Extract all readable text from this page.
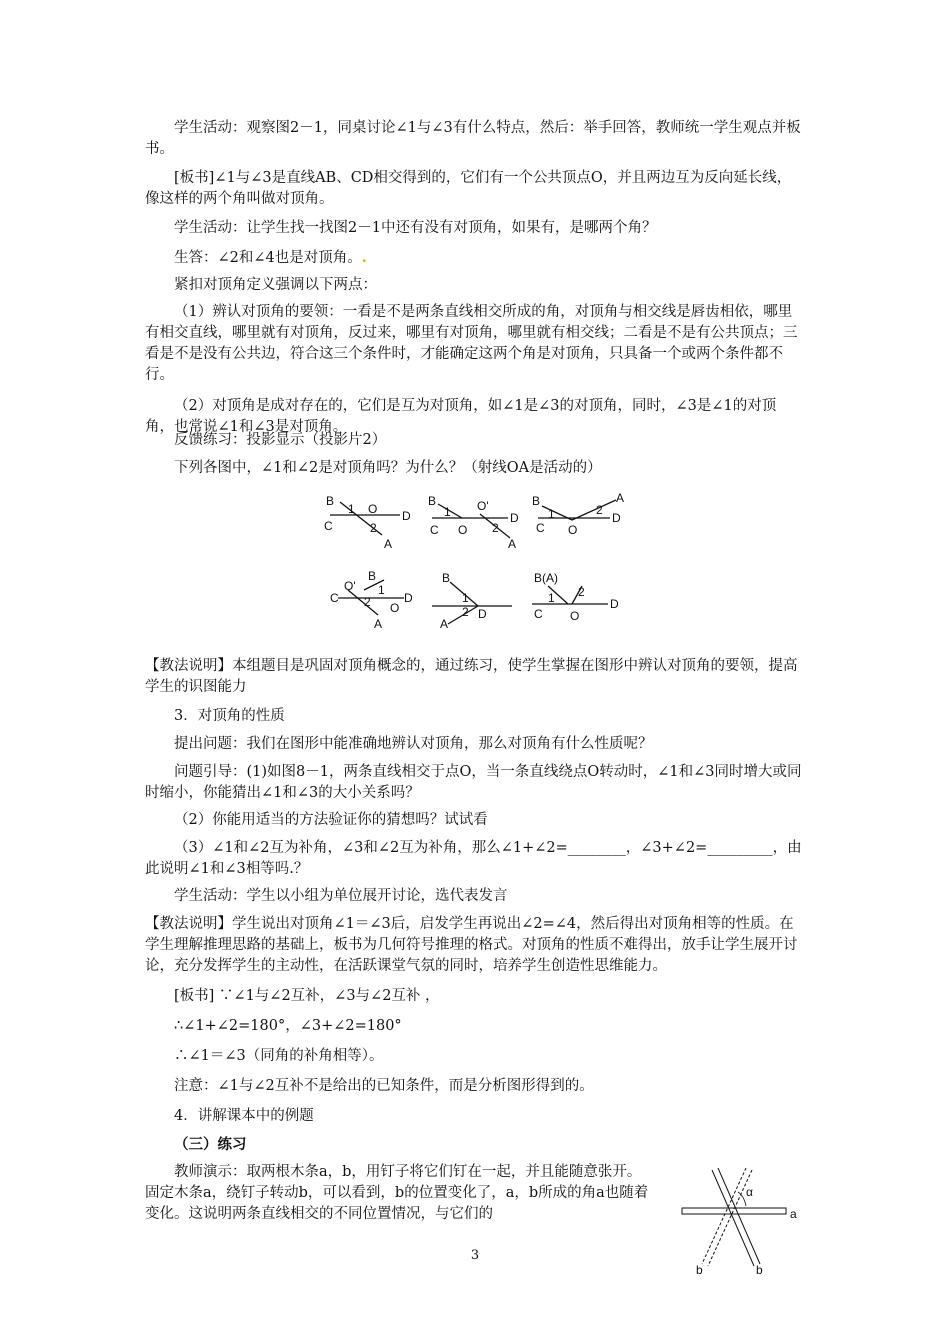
学生活动：观察图2－1，同桌讨论∠1与∠3有什么特点，然后：举手回答，教师统一学生观点并板书。

[板书]∠1与∠3是直线AB、CD相交得到的，它们有一个公共顶点O，并且两边互为反向延长线，像这样的两个角叫做对顶角。

学生活动：让学生找一找图2－1中还有没有对顶角，如果有，是哪两个角？

生答：∠2和∠4也是对顶角。.

紧扣对顶角定义强调以下两点：

（1）辨认对顶角的要领：一看是不是两条直线相交所成的角，对顶角与相交线是唇齿相依，哪里有相交直线，哪里就有对顶角，反过来，哪里有对顶角，哪里就有相交线；二看是不是有公共顶点；三看是不是没有公共边，符合这三个条件时，才能确定这两个角是对顶角，只具备一个或两个条件都不行。

（2）对顶角是成对存在的，它们是互为对顶角，如∠1是∠3的对顶角，同时，∠3是∠1的对顶角，也常说∠1和∠3是对顶角。

反馈练习：投影显示（投影片2）

下列各图中，∠1和∠2是对顶角吗？为什么？（射线OA是活动的）

B
1 O
2
D
C
A
B
1 O'
2
D
C O
A
B
1	2
A
D
C O
B
O' 1
2
C
O
D
A
B
1
2 D
A
B(A)
1 2
C O
D

【教法说明】本组题目是巩固对顶角概念的，通过练习，使学生掌握在图形中辨认对顶角的要领，提高学生的识图能力

3．对顶角的性质

提出问题：我们在图形中能准确地辨认对顶角，那么对顶角有什么性质呢？

问题引导：(1)如图8－1，两条直线相交于点O，当一条直线绕点O转动时，∠1和∠3同时增大或同时缩小，你能猜出∠1和∠3的大小关系吗？

（2）你能用适当的方法验证你的猜想吗？试试看

（3）∠1和∠2互为补角，∠3和∠2互为补角，那么∠1+∠2=________，∠3+∠2=_________，由此说明∠1和∠3相等吗.？

学生活动：学生以小组为单位展开讨论，选代表发言

【教法说明】学生说出对顶角∠1＝∠3后，启发学生再说出∠2=∠4，然后得出对顶角相等的性质。在学生理解推理思路的基础上，板书为几何符号推理的格式。对顶角的性质不难得出，放手让学生展开讨论，充分发挥学生的主动性，在活跃课堂气氛的同时，培养学生创造性思维能力。

[板书] ∵∠1与∠2互补，∠3与∠2互补 ，

∴∠1+∠2=180°，∠3+∠2=180°

∴∠1＝∠3（同角的补角相等）。

注意：∠1与∠2互补不是给出的已知条件，而是分析图形得到的。

4．讲解课本中的例题

（三）练习

教师演示：取两根木条a，b，用钉子将它们钉在一起，并且能随意张开。固定木条a，绕钉子转动b，可以看到，b的位置变化了，a，b所成的角a也随着变化。这说明两条直线相交的不同位置情况，与它们的

α
a
b	b
3
